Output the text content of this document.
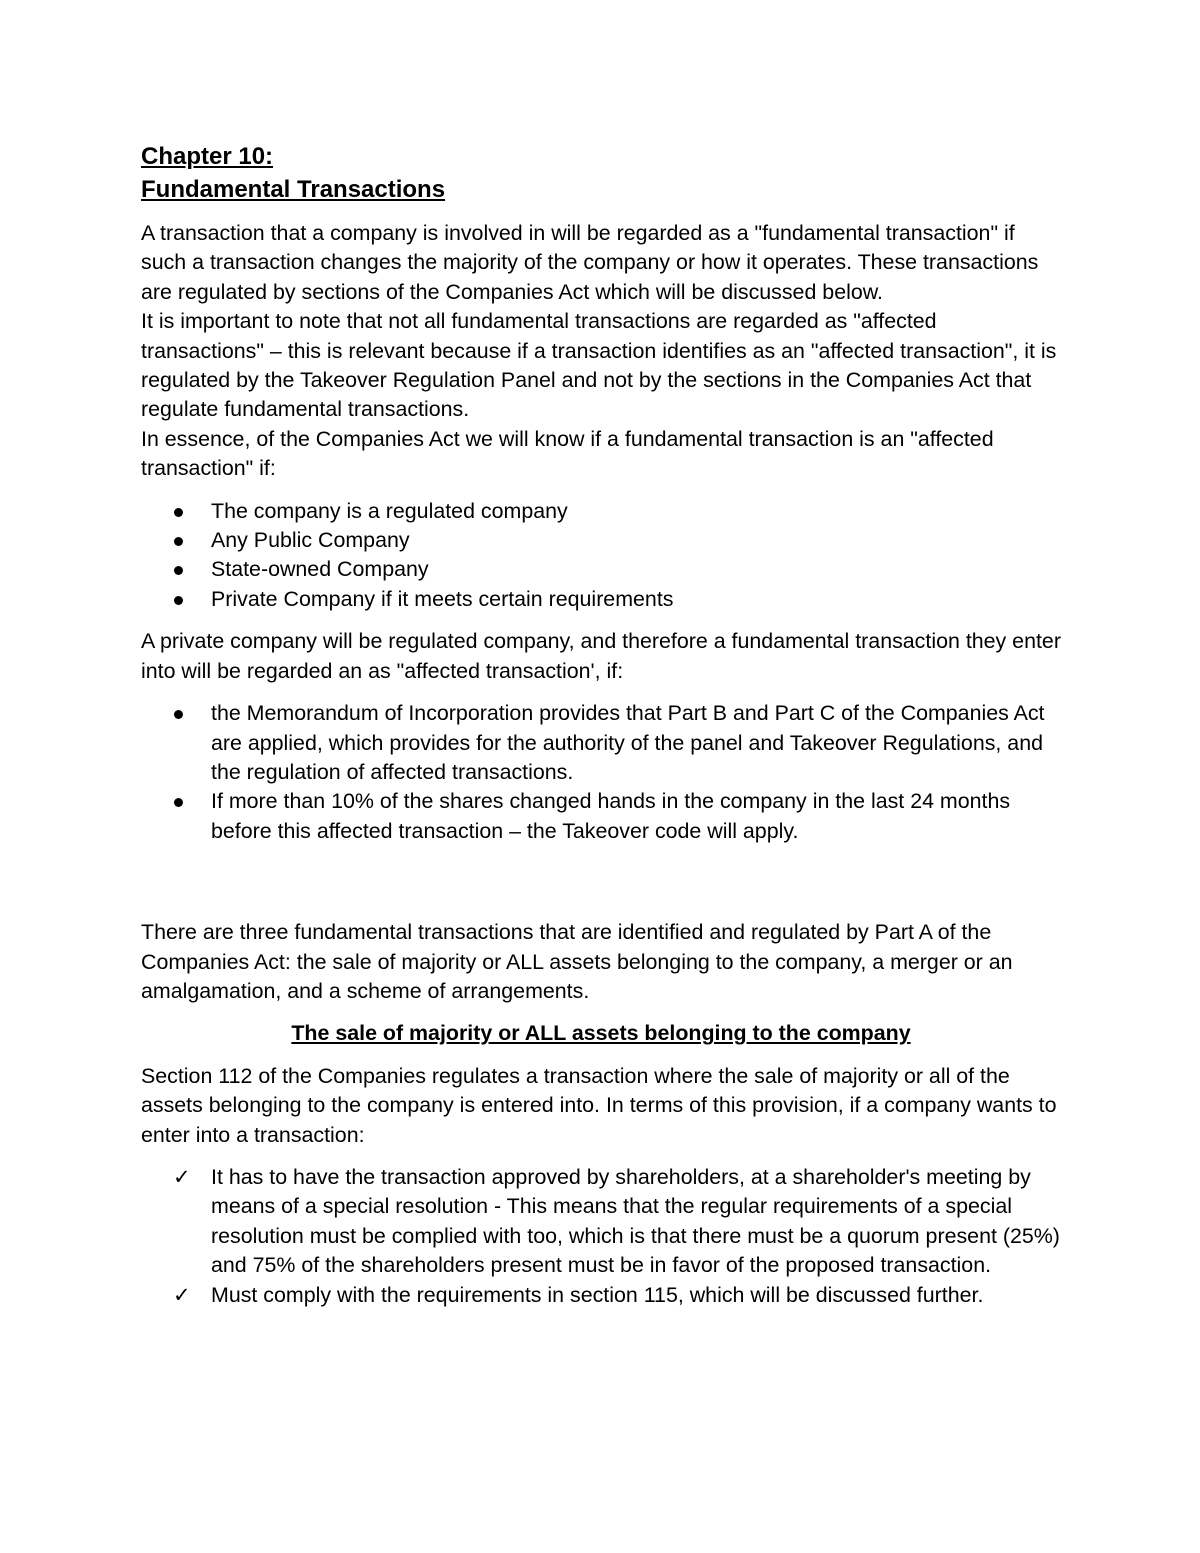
Chapter 10:
Fundamental Transactions

A transaction that a company is involved in will be regarded as a "fundamental transaction" if such a transaction changes the majority of the company or how it operates. These transactions are regulated by sections of the Companies Act which will be discussed below.

It is important to note that not all fundamental transactions are regarded as "affected transactions" – this is relevant because if a transaction identifies as an "affected transaction", it is regulated by the Takeover Regulation Panel and not by the sections in the Companies Act that regulate fundamental transactions.

In essence, of the Companies Act we will know if a fundamental transaction is an "affected transaction" if:

The company is a regulated company
Any Public Company
State-owned Company
Private Company if it meets certain requirements

A private company will be regulated company, and therefore a fundamental transaction they enter into will be regarded an as "affected transaction', if:

the Memorandum of Incorporation provides that Part B and Part C of the Companies Act are applied, which provides for the authority of the panel and Takeover Regulations, and the regulation of affected transactions.
If more than 10% of the shares changed hands in the company in the last 24 months before this affected transaction – the Takeover code will apply.

There are three fundamental transactions that are identified and regulated by Part A of the Companies Act: the sale of majority or ALL assets belonging to the company, a merger or an amalgamation, and a scheme of arrangements.

The sale of majority or ALL assets belonging to the company

Section 112 of the Companies regulates a transaction where the sale of majority or all of the assets belonging to the company is entered into. In terms of this provision, if a company wants to enter into a transaction:

✓ It has to have the transaction approved by shareholders, at a shareholder's meeting by means of a special resolution - This means that the regular requirements of a special resolution must be complied with too, which is that there must be a quorum present (25%) and 75% of the shareholders present must be in favor of the proposed transaction.
✓ Must comply with the requirements in section 115, which will be discussed further.
